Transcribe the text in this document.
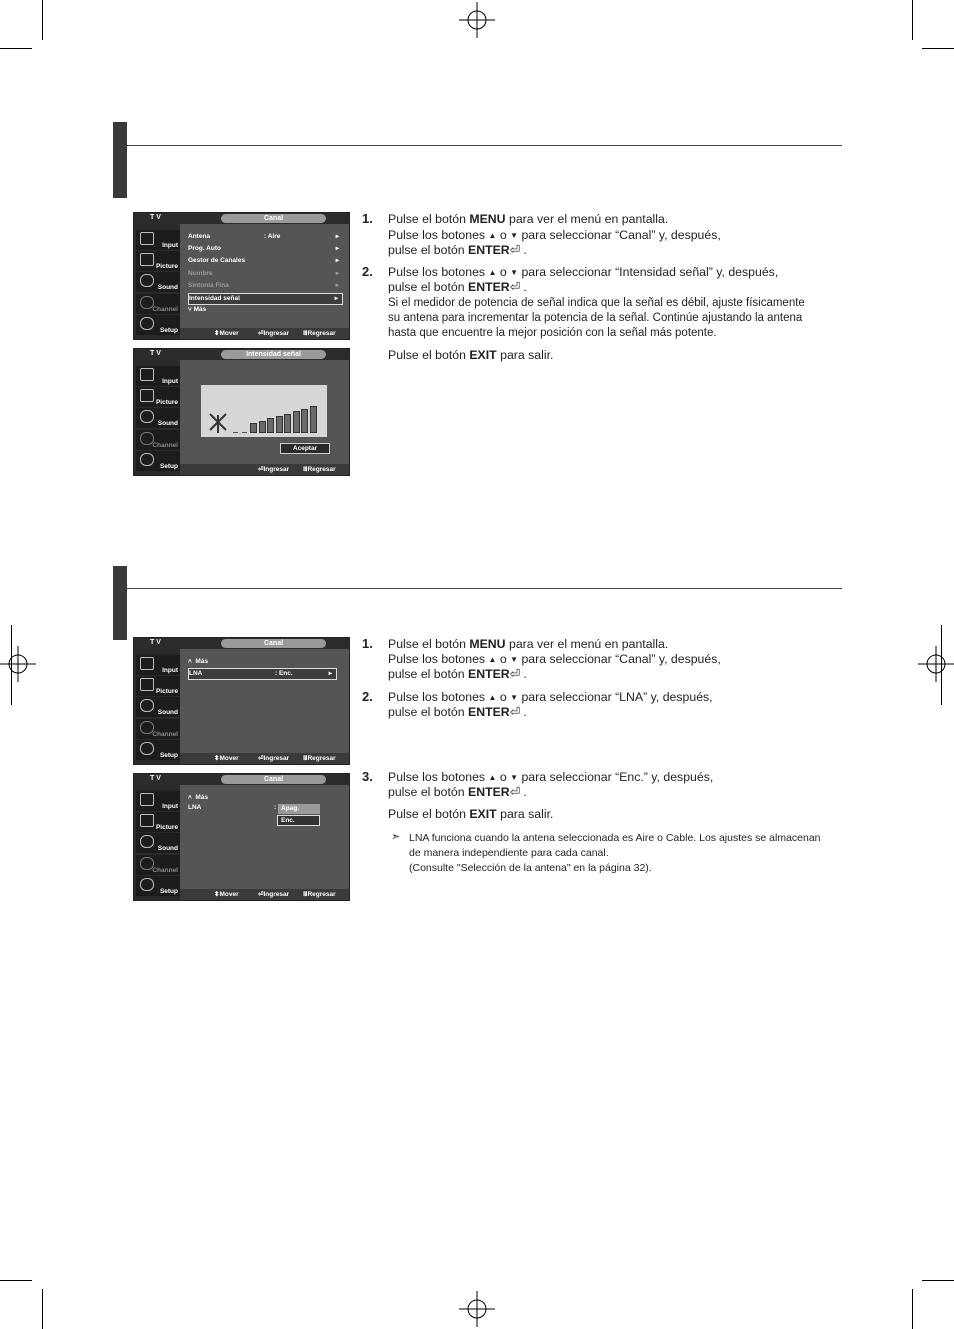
T V	Canal
Input
Picture
Sound
Channel
Setup
Antena	: Aire	▸
Prog. Auto	▸
Gestor de Canales	▸
Nombre	▸
Sintonía Fina	▸
Intensidad señal	▸
˅ Más
⬍Mover	⏎Ingresar ⅢRegresar
T V	Intensidad señal
Input
Picture
Sound
Channel
Setup
Aceptar
⏎Ingresar ⅢRegresar
T V	Canal
Input
Picture
Sound
Channel
Setup
˄  Más
LNA	: Enc.	▸
⬍Mover	⏎Ingresar ⅢRegresar
T V	Canal
Input
Picture
Sound
Channel
Setup
˄  Más
LNA	: Apag.
Enc.
⬍Mover	⏎Ingresar ⅢRegresar
1. Pulse el botón MENU para ver el menú en pantalla.
Pulse los botones ▲ o ▼ para seleccionar “Canal” y, después,
pulse el botón ENTER⏎ .
2. Pulse los botones ▲ o ▼ para seleccionar “Intensidad señal” y, después,
pulse el botón ENTER⏎ .
Si el medidor de potencia de señal indica que la señal es débil, ajuste físicamente
su antena para incrementar la potencia de la señal. Continúe ajustando la antena
hasta que encuentre la mejor posición con la señal más potente.
Pulse el botón EXIT para salir.
1. Pulse el botón MENU para ver el menú en pantalla.
Pulse los botones ▲ o ▼ para seleccionar “Canal” y, después,
pulse el botón ENTER⏎ .
2. Pulse los botones ▲ o ▼ para seleccionar “LNA” y, después,
pulse el botón ENTER⏎ .
3. Pulse los botones ▲ o ▼ para seleccionar “Enc.” y, después,
pulse el botón ENTER⏎ .
Pulse el botón EXIT para salir.
➣ LNA funciona cuando la antena seleccionada es Aire o Cable. Los ajustes se almacenan
de manera independiente para cada canal.
(Consulte "Selección de la antena" en la página 32).
